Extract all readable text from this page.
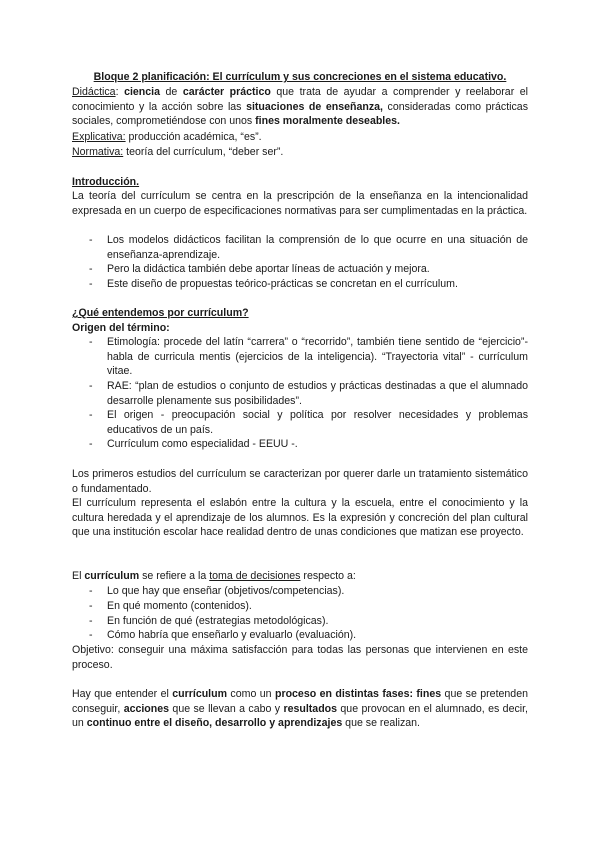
Bloque 2 planificación: El currículum y sus concreciones en el sistema educativo.
Didáctica: ciencia de carácter práctico que trata de ayudar a comprender y reelaborar el conocimiento y la acción sobre las situaciones de enseñanza, consideradas como prácticas sociales, comprometiéndose con unos fines moralmente deseables.
Explicativa: producción académica, “es”.
Normativa: teoría del currículum, “deber ser”.
Introducción.
La teoría del currículum se centra en la prescripción de la enseñanza en la intencionalidad expresada en un cuerpo de especificaciones normativas para ser cumplimentadas en la práctica.
- Los modelos didácticos facilitan la comprensión de lo que ocurre en una situación de enseñanza-aprendizaje.
- Pero la didáctica también debe aportar líneas de actuación y mejora.
- Este diseño de propuestas teórico-prácticas se concretan en el currículum.
¿Qué entendemos por currículum?
Origen del término:
- Etimología: procede del latín “carrera” o “recorrido”, también tiene sentido de “ejercicio”- habla de curricula mentis (ejercicios de la inteligencia). “Trayectoria vital” - currículum vitae.
- RAE: “plan de estudios o conjunto de estudios y prácticas destinadas a que el alumnado desarrolle plenamente sus posibilidades”.
- El origen - preocupación social y política por resolver necesidades y problemas educativos de un país.
- Currículum como especialidad - EEUU -.
Los primeros estudios del currículum se caracterizan por querer darle un tratamiento sistemático o fundamentado.
El currículum representa el eslabón entre la cultura y la escuela, entre el conocimiento y la cultura heredada y el aprendizaje de los alumnos. Es la expresión y concreción del plan cultural que una institución escolar hace realidad dentro de unas condiciones que matizan ese proyecto.
El currículum se refiere a la toma de decisiones respecto a:
- Lo que hay que enseñar (objetivos/competencias).
- En qué momento (contenidos).
- En función de qué (estrategias metodológicas).
- Cómo habría que enseñarlo y evaluarlo (evaluación).
Objetivo: conseguir una máxima satisfacción para todas las personas que intervienen en este proceso.
Hay que entender el currículum como un proceso en distintas fases: fines que se pretenden conseguir, acciones que se llevan a cabo y resultados que provocan en el alumnado, es decir, un continuo entre el diseño, desarrollo y aprendizajes que se realizan.
